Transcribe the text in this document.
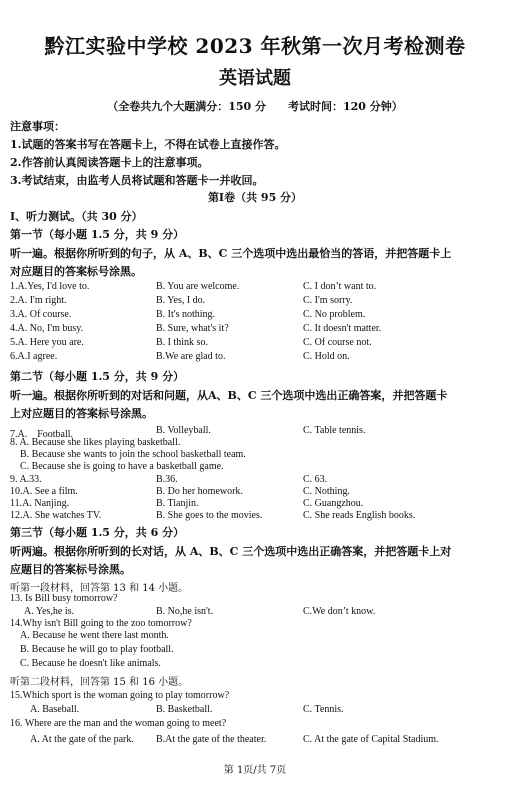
黔江实验中学校 2023 年秋第一次月考检测卷
英语试题
（全卷共九个大题满分：150 分　　考试时间：120 分钟）
注意事项：
1.试题的答案书写在答题卡上，不得在试卷上直接作答。
2.作答前认真阅读答题卡上的注意事项。
3.考试结束，由监考人员将试题和答题卡一并收回。
第Ⅰ卷（共 95 分）
Ⅰ、听力测试。（共 30 分）
第一节（每小题 1.5 分，共 9 分）
听一遍。根据你所听到的句子，从 A、B、C 三个选项中选出最恰当的答语，并把答题卡上
对应题目的答案标号涂黑。
1.A.Yes, I'd love to.	B. You are welcome.	C. I don’t want to.
2.A. I'm right.	B. Yes, I do.	C. I'm sorry.
3.A. Of course.	B. It's nothing.	C. No problem.
4.A. No, I'm busy.	B. Sure, what's it?	C. It doesn't matter.
5.A. Here you are.	B. I think so.	C. Of course not.
6.A.I agree.	B.We are glad to.	C. Hold on.
第二节（每小题 1.5 分，共 9 分）
听一遍。根据你所听到的对话和问题，从A、B、C 三个选项中选出正确答案，并把答题卡
上对应题目的答案标号涂黑。
7.A.　Football.	B. Volleyball.	C. Table tennis.
8. A. Because she likes playing basketball.
B. Because she wants to join the school basketball team.
C. Because she is going to have a basketball game.
9. A.33.	B.36.	C. 63.
10.A. See a film.	B. Do her homework.	C. Nothing.
11.A. Nanjing.	B. Tianjin.	C. Guangzhou.
12.A. She watches TV.	B. She goes to the movies.	C. She reads English books.
第三节（每小题 1.5 分，共 6 分）
听两遍。根据你所听到的长对话，从 A、B、C 三个选项中选出正确答案，并把答题卡上对
应题目的答案标号涂黑。
听第一段材料，回答第 13 和 14 小题。
13. Is Bill busy tomorrow?
A. Yes,he is.	B. No,he isn't.	C.We don’t know.
14.Why isn't Bill going to the zoo tomorrow?
A. Because he went there last month.
B. Because he will go to play football.
C. Because he doesn't like animals.
听第二段材料，回答第 15 和 16 小题。
15.Which sport is the woman going to play tomorrow?
A. Baseball.	B. Basketball.	C. Tennis.
16. Where are the man and the woman going to meet?
A. At the gate of the park. B.At the gate of the theater.	C. At the gate of Capital Stadium.
第 1页/共 7页
